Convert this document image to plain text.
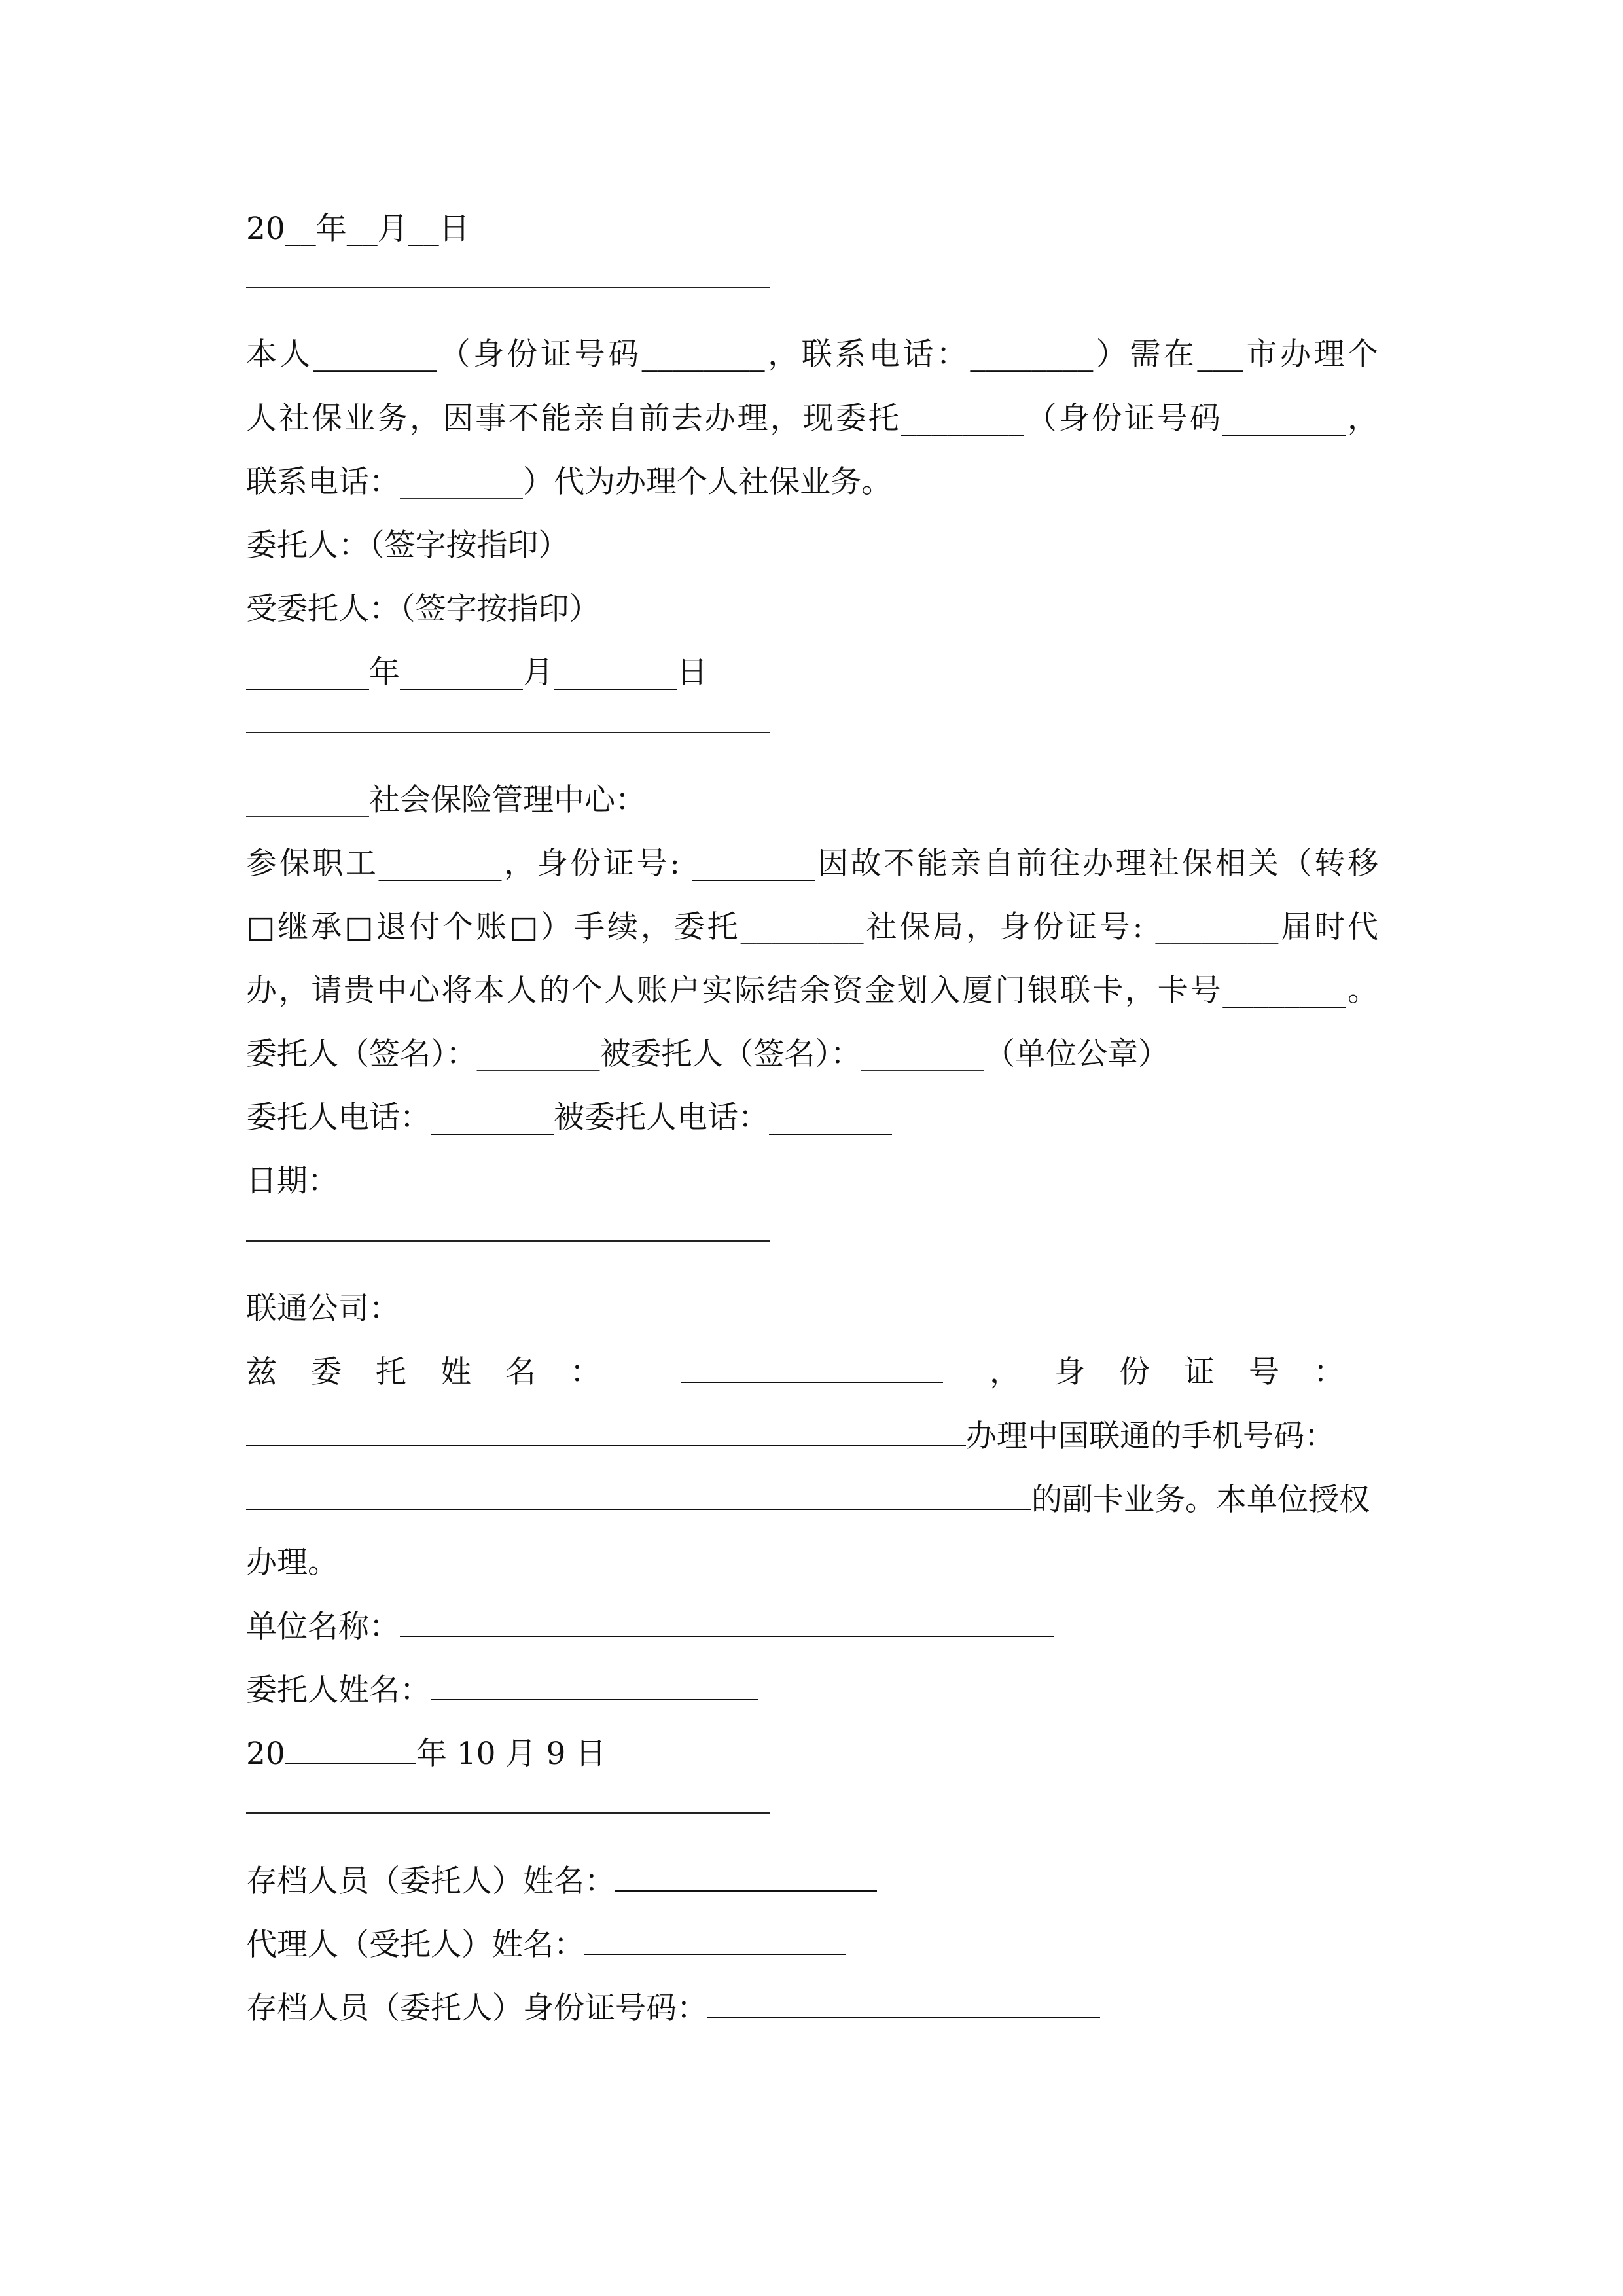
20__年__月__日

本人________（身份证号码________，联系电话：________）需在___市办理个

人社保业务，因事不能亲自前去办理，现委托________（身份证号码________，

联系电话：________）代为办理个人社保业务。

委托人：（签字按指印）

受委托人：（签字按指印）

________年________月________日

________社会保险管理中心：

参保职工________，身份证号: ________因故不能亲自前往办理社保相关（转移

□继承□退付个账□）手续，委托________社保局，身份证号: ________届时代

办，请贵中心将本人的个人账户实际结余资金划入厦门银联卡，卡号________。

委托人（签名）：________被委托人（签名）：________（单位公章）

委托人电话：________被委托人电话：________

日期：

联通公司：

兹委托姓名：	，身份证号：

办理中国联通的手机号码：

的副卡业务。本单位授权

办理。

单位名称：

委托人姓名：

20	年 10 月 9 日

存档人员（委托人）姓名：

代理人（受托人）姓名：

存档人员（委托人）身份证号码：
